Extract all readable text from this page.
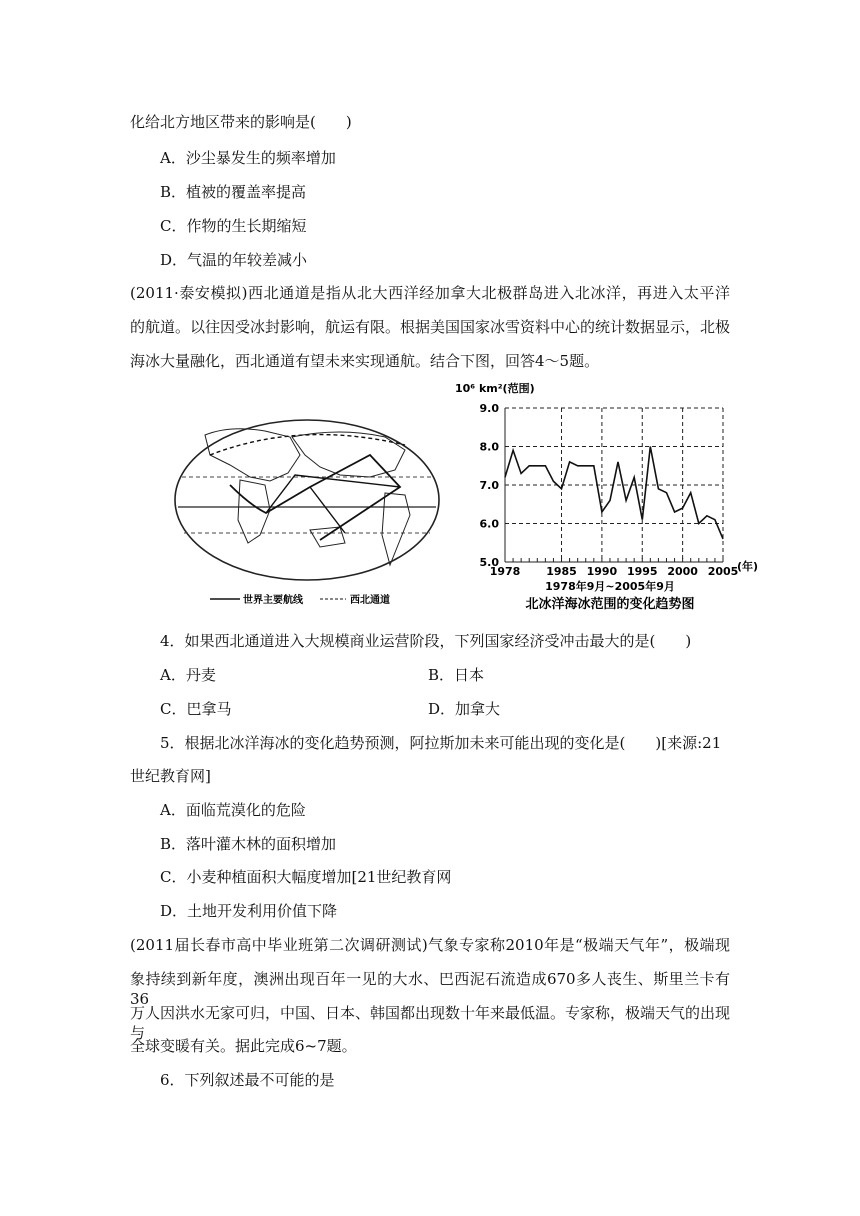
化给北方地区带来的影响是(　　)
A．沙尘暴发生的频率增加
B．植被的覆盖率提高
C．作物的生长期缩短
D．气温的年较差减小
(2011·泰安模拟)西北通道是指从北大西洋经加拿大北极群岛进入北冰洋，再进入太平洋
的航道。以往因受冰封影响，航运有限。根据美国国家冰雪资料中心的统计数据显示，北极
海冰大量融化，西北通道有望未来实现通航。结合下图，回答4～5题。
世界主要航线	西北通道
10⁶ km²(范围)
5.0
6.0
7.0
8.0
9.0
1978 1985 1990 1995 2000 2005
(年)
1978年9月~2005年9月
北冰洋海冰范围的变化趋势图
4．如果西北通道进入大规模商业运营阶段，下列国家经济受冲击最大的是(　　)
A．丹麦	B．日本
C．巴拿马	D．加拿大
5．根据北冰洋海冰的变化趋势预测，阿拉斯加未来可能出现的变化是(　　)[来源:21
世纪教育网]
A．面临荒漠化的危险
B．落叶灌木林的面积增加
C．小麦种植面积大幅度增加[21世纪教育网
D．土地开发利用价值下降
(2011届长春市高中毕业班第二次调研测试)气象专家称2010年是“极端天气年”，极端现
象持续到新年度，澳洲出现百年一见的大水、巴西泥石流造成670多人丧生、斯里兰卡有36
万人因洪水无家可归，中国、日本、韩国都出现数十年来最低温。专家称，极端天气的出现与
全球变暖有关。据此完成6~7题。
6．下列叙述最不可能的是
